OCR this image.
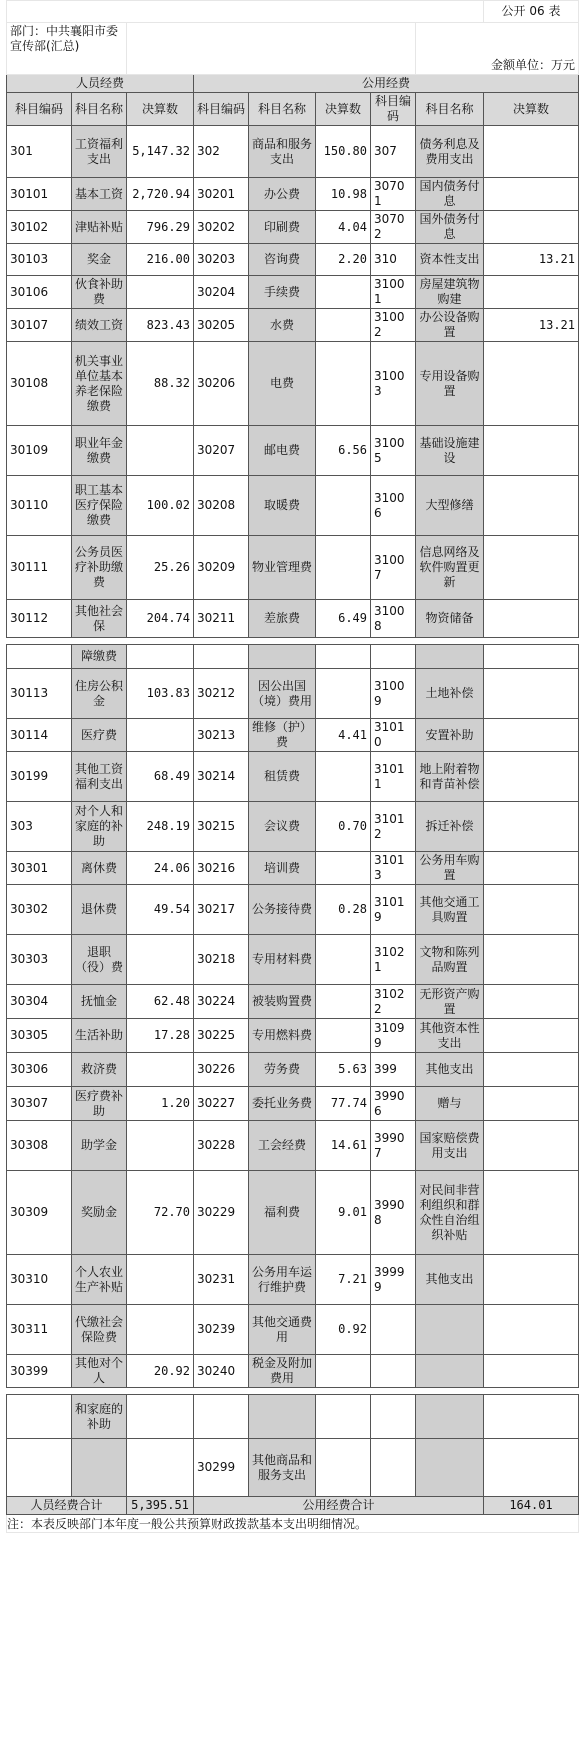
								公开 06 表
部门：中共襄阳市委宣传部(汇总)							金额单位：万元	
人员经费			公用经费					
科目编码	科目名称	决算数	科目编码	科目名称	决算数	科目编码	科目名称	决算数
301	工资福利支出	5,147.32	302	商品和服务支出	150.80	307	债务利息及费用支出	
30101	基本工资	2,720.94	30201	办公费	10.98	30701	国内债务付息	
30102	津贴补贴	796.29	30202	印刷费	4.04	30702	国外债务付息	
30103	奖金	216.00	30203	咨询费	2.20	310	资本性支出	13.21
30106	伙食补助费		30204	手续费		31001	房屋建筑物购建	
30107	绩效工资	823.43	30205	水费		31002	办公设备购置	13.21
30108	机关事业单位基本养老保险缴费	88.32	30206	电费		31003	专用设备购置	
30109	职业年金缴费		30207	邮电费	6.56	31005	基础设施建设	
30110	职工基本医疗保险缴费	100.02	30208	取暖费		31006	大型修缮	
30111	公务员医疗补助缴费	25.26	30209	物业管理费		31007	信息网络及软件购置更新	
30112	其他社会保	204.74	30211	差旅费	6.49	31008	物资储备	

	障缴费							
30113	住房公积金	103.83	30212	因公出国（境）费用		31009	土地补偿	
30114	医疗费		30213	维修（护）费	4.41	31010	安置补助	
30199	其他工资福利支出	68.49	30214	租赁费		31011	地上附着物和青苗补偿	
303	对个人和家庭的补助	248.19	30215	会议费	0.70	31012	拆迁补偿	
30301	离休费	24.06	30216	培训费		31013	公务用车购置	
30302	退休费	49.54	30217	公务接待费	0.28	31019	其他交通工具购置	
30303	退职（役）费		30218	专用材料费		31021	文物和陈列品购置	
30304	抚恤金	62.48	30224	被装购置费		31022	无形资产购置	
30305	生活补助	17.28	30225	专用燃料费		31099	其他资本性支出	
30306	救济费		30226	劳务费	5.63	399	其他支出	
30307	医疗费补助	1.20	30227	委托业务费	77.74	39906	赠与	
30308	助学金		30228	工会经费	14.61	39907	国家赔偿费用支出	
30309	奖励金	72.70	30229	福利费	9.01	39908	对民间非营利组织和群众性自治组织补贴	
30310	个人农业生产补贴		30231	公务用车运行维护费	7.21	39999	其他支出	
30311	代缴社会保险费		30239	其他交通费用	0.92			
30399	其他对个人	20.92	30240	税金及附加费用				

	和家庭的补助							
			30299	其他商品和服务支出				
人员经费合计		5,395.51	公用经费合计					164.01
注：本表反映部门本年度一般公共预算财政拨款基本支出明细情况。								
